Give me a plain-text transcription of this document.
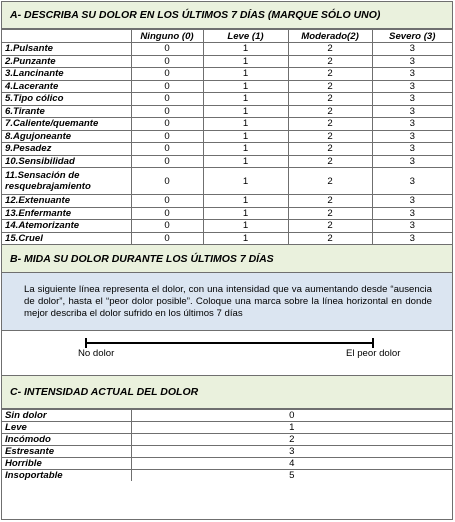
A- DESCRIBA SU DOLOR EN LOS ÚLTIMOS 7 DÍAS (MARQUE SÓLO UNO)
	Ninguno (0)	Leve (1)	Moderado(2)	Severo (3)
1.Pulsante	0	1	2	3
2.Punzante	0	1	2	3
3.Lancinante	0	1	2	3
4.Lacerante	0	1	2	3
5.Tipo cólico	0	1	2	3
6.Tirante	0	1	2	3
7.Caliente/quemante	0	1	2	3
8.Agujoneante	0	1	2	3
9.Pesadez	0	1	2	3
10.Sensibilidad	0	1	2	3
11.Sensación de resquebrajamiento	0	1	2	3
12.Extenuante	0	1	2	3
13.Enfermante	0	1	2	3
14.Atemorizante	0	1	2	3
15.Cruel	0	1	2	3
B- MIDA SU DOLOR DURANTE LOS ÚLTIMOS 7 DÍAS
La siguiente línea representa el dolor, con una intensidad que va aumentando desde “ausencia de dolor”, hasta el “peor dolor posible”. Coloque una marca sobre la línea horizontal en donde mejor describa el dolor sufrido en los últimos 7 días
No dolor	El peor dolor
C- INTENSIDAD ACTUAL DEL DOLOR
Sin dolor	0
Leve	1
Incómodo	2
Estresante	3
Horrible	4
Insoportable	5
